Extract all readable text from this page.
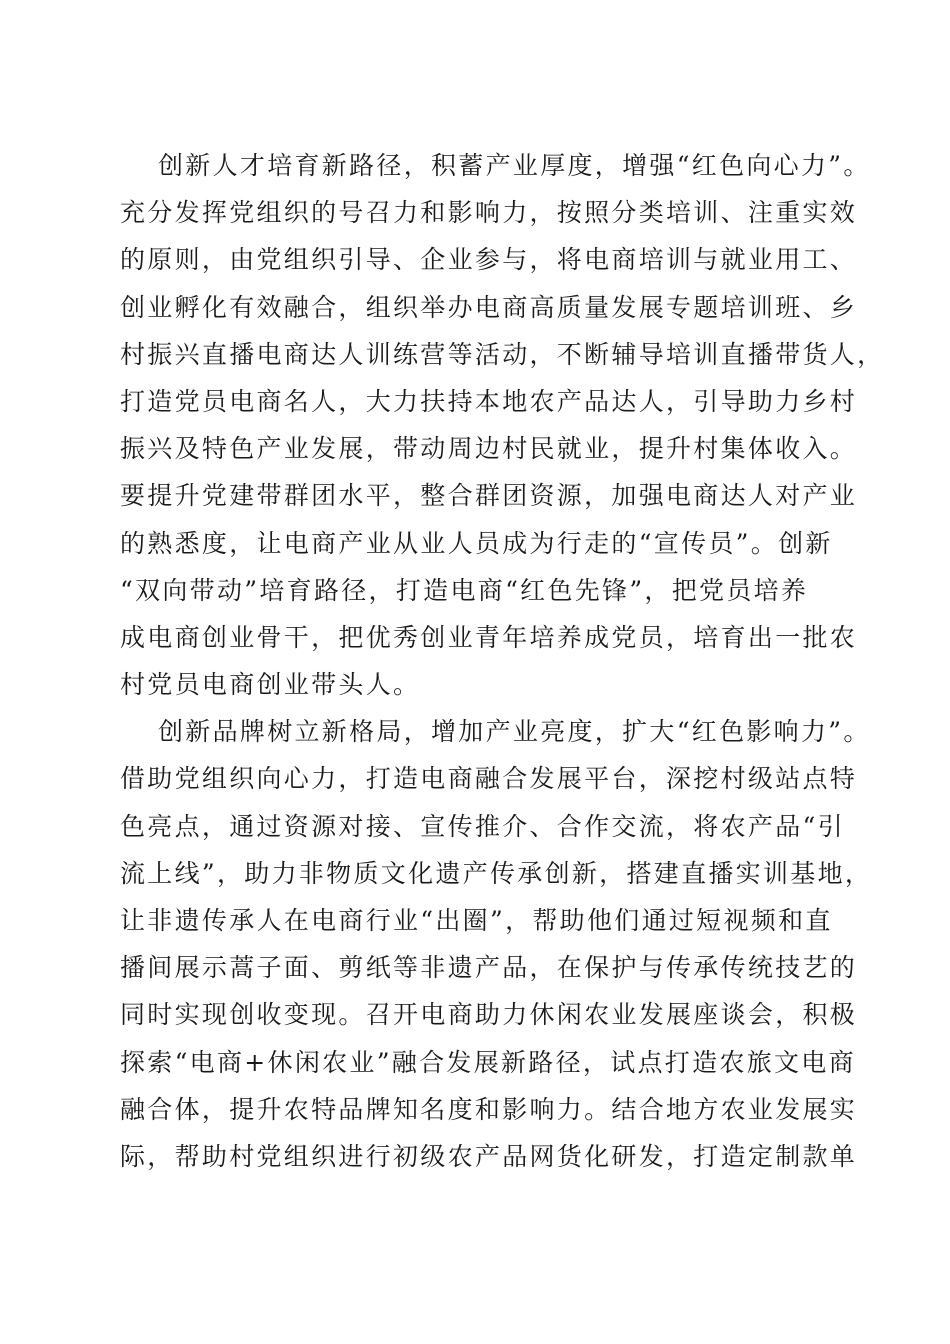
创新人才培育新路径，积蓄产业厚度，增强“红色向心力”。
充分发挥党组织的号召力和影响力，按照分类培训、注重实效
的原则，由党组织引导、企业参与，将电商培训与就业用工、
创业孵化有效融合，组织举办电商高质量发展专题培训班、乡
村振兴直播电商达人训练营等活动，不断辅导培训直播带货人，
打造党员电商名人，大力扶持本地农产品达人，引导助力乡村
振兴及特色产业发展，带动周边村民就业，提升村集体收入。
要提升党建带群团水平，整合群团资源，加强电商达人对产业
的熟悉度，让电商产业从业人员成为行走的“宣传员”。创新
“双向带动”培育路径，打造电商“红色先锋”，把党员培养
成电商创业骨干，把优秀创业青年培养成党员，培育出一批农
村党员电商创业带头人。
创新品牌树立新格局，增加产业亮度，扩大“红色影响力”。
借助党组织向心力，打造电商融合发展平台，深挖村级站点特
色亮点，通过资源对接、宣传推介、合作交流，将农产品“引
流上线”，助力非物质文化遗产传承创新，搭建直播实训基地，
让非遗传承人在电商行业“出圈”，帮助他们通过短视频和直
播间展示蒿子面、剪纸等非遗产品，在保护与传承传统技艺的
同时实现创收变现。召开电商助力休闲农业发展座谈会，积极
探索“电商+休闲农业”融合发展新路径，试点打造农旅文电商
融合体，提升农特品牌知名度和影响力。结合地方农业发展实
际，帮助村党组织进行初级农产品网货化研发，打造定制款单
